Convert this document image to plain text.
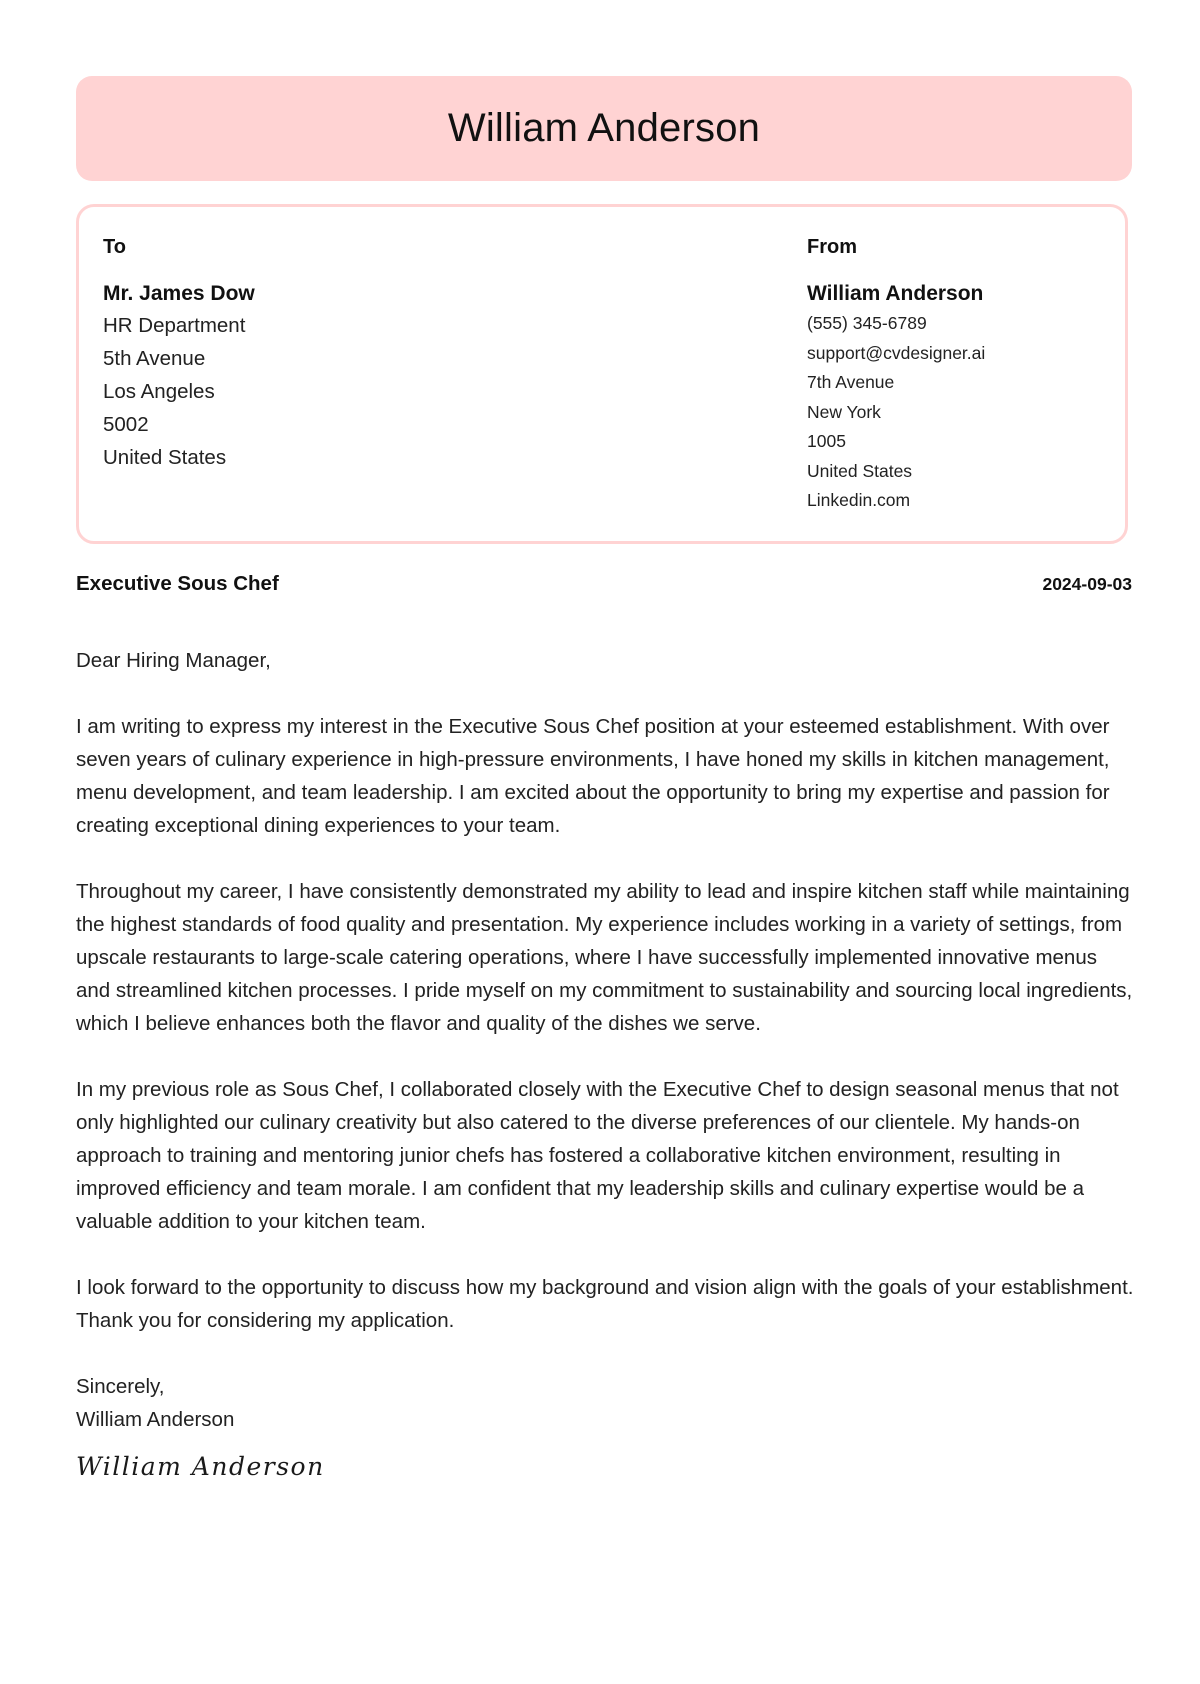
William Anderson
To
Mr. James Dow
HR Department
5th Avenue
Los Angeles
5002
United States
From
William Anderson
(555) 345-6789
support@cvdesigner.ai
7th Avenue
New York
1005
United States
Linkedin.com
Executive Sous Chef	2024-09-03

Dear Hiring Manager,

I am writing to express my interest in the Executive Sous Chef position at your esteemed establishment. With over seven years of culinary experience in high-pressure environments, I have honed my skills in kitchen management, menu development, and team leadership. I am excited about the opportunity to bring my expertise and passion for creating exceptional dining experiences to your team.

Throughout my career, I have consistently demonstrated my ability to lead and inspire kitchen staff while maintaining the highest standards of food quality and presentation. My experience includes working in a variety of settings, from upscale restaurants to large-scale catering operations, where I have successfully implemented innovative menus and streamlined kitchen processes. I pride myself on my commitment to sustainability and sourcing local ingredients, which I believe enhances both the flavor and quality of the dishes we serve.

In my previous role as Sous Chef, I collaborated closely with the Executive Chef to design seasonal menus that not only highlighted our culinary creativity but also catered to the diverse preferences of our clientele. My hands-on approach to training and mentoring junior chefs has fostered a collaborative kitchen environment, resulting in improved efficiency and team morale. I am confident that my leadership skills and culinary expertise would be a valuable addition to your kitchen team.

I look forward to the opportunity to discuss how my background and vision align with the goals of your establishment. Thank you for considering my application.

Sincerely,
William Anderson
William Anderson
